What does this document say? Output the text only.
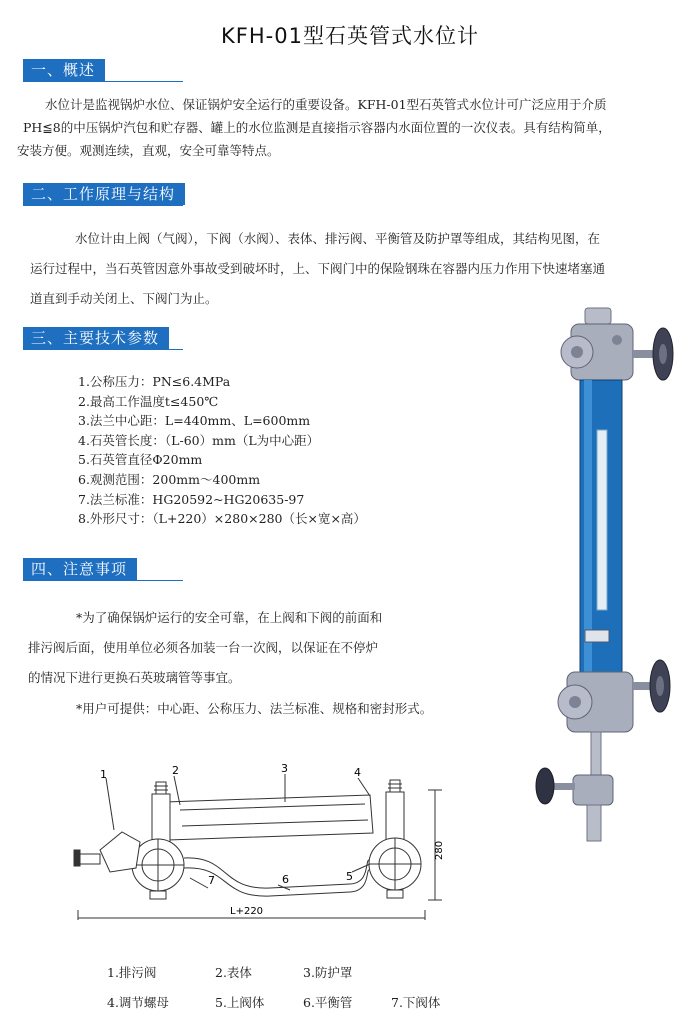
KFH-01型石英管式水位计
一、概述
水位计是监视锅炉水位、保证锅炉安全运行的重要设备。KFH-01型石英管式水位计可广泛应用于介质
PH≦8的中压锅炉汽包和贮存器、罐上的水位监测是直接指示容器内水面位置的一次仪表。具有结构简单，
安装方便。观测连续，直观，安全可靠等特点。
二、工作原理与结构
水位计由上阀（气阀），下阀（水阀）、表体、排污阀、平衡管及防护罩等组成，其结构见图，在
运行过程中，当石英管因意外事故受到破坏时，上、下阀门中的保险钢珠在容器内压力作用下快速堵塞通
道直到手动关闭上、下阀门为止。
三、主要技术参数
1.公称压力：PN≤6.4MPa
2.最高工作温度t≤450℃
3.法兰中心距：L=440mm、L=600mm
4.石英管长度：（L-60）mm（L为中心距）
5.石英管直径Φ20mm
6.观测范围：200mm～400mm
7.法兰标准：HG20592~HG20635-97
8.外形尺寸：（L+220）×280×280（长×宽×高）
四、注意事项
*为了确保锅炉运行的安全可靠，在上阀和下阀的前面和
排污阀后面，使用单位必须各加装一台一次阀，以保证在不停炉
的情况下进行更换石英玻璃管等事宜。
*用户可提供：中心距、公称压力、法兰标准、规格和密封形式。
1	2	3	4
5
6
7
L+220
280
1.排污阀	2.表体	3.防护罩
4.调节螺母	5.上阀体	6.平衡管	7.下阀体
